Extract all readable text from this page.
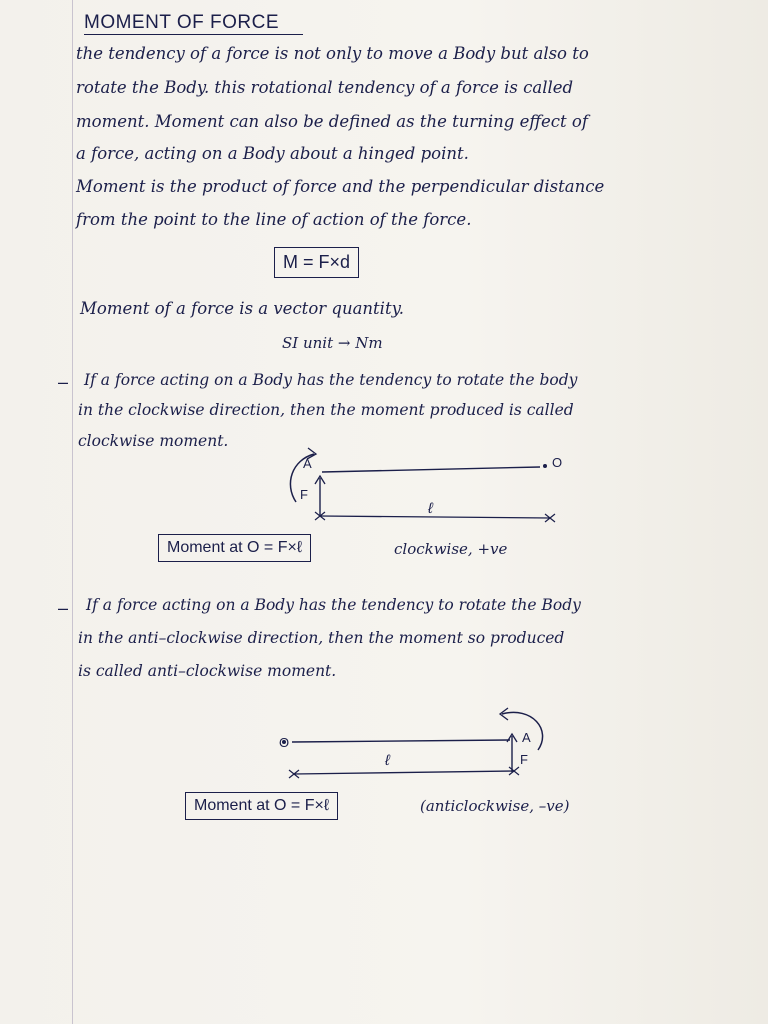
MOMENT OF FORCE
the tendency of a force is not only to move a Body but also to
rotate the Body. this rotational tendency of a force is called
moment. Moment can also be defined as the turning effect of
a force, acting on a Body about a hinged point.
Moment is the product of force and the perpendicular distance
from the point to the line of action of the force.
M = F×d
Moment of a force is a vector quantity.
SI unit → Nm
– If a force acting on a Body has the tendency to rotate the body
in the clockwise direction, then the moment produced is called
clockwise moment.
A	O
F
ℓ
Moment at O = F×ℓ	clockwise, +ve
– If a force acting on a Body has the tendency to rotate the Body
in the anti–clockwise direction, then the moment so produced
is called anti–clockwise moment.
O	A
F
ℓ
Moment at O = F×ℓ	(anticlockwise, –ve)
